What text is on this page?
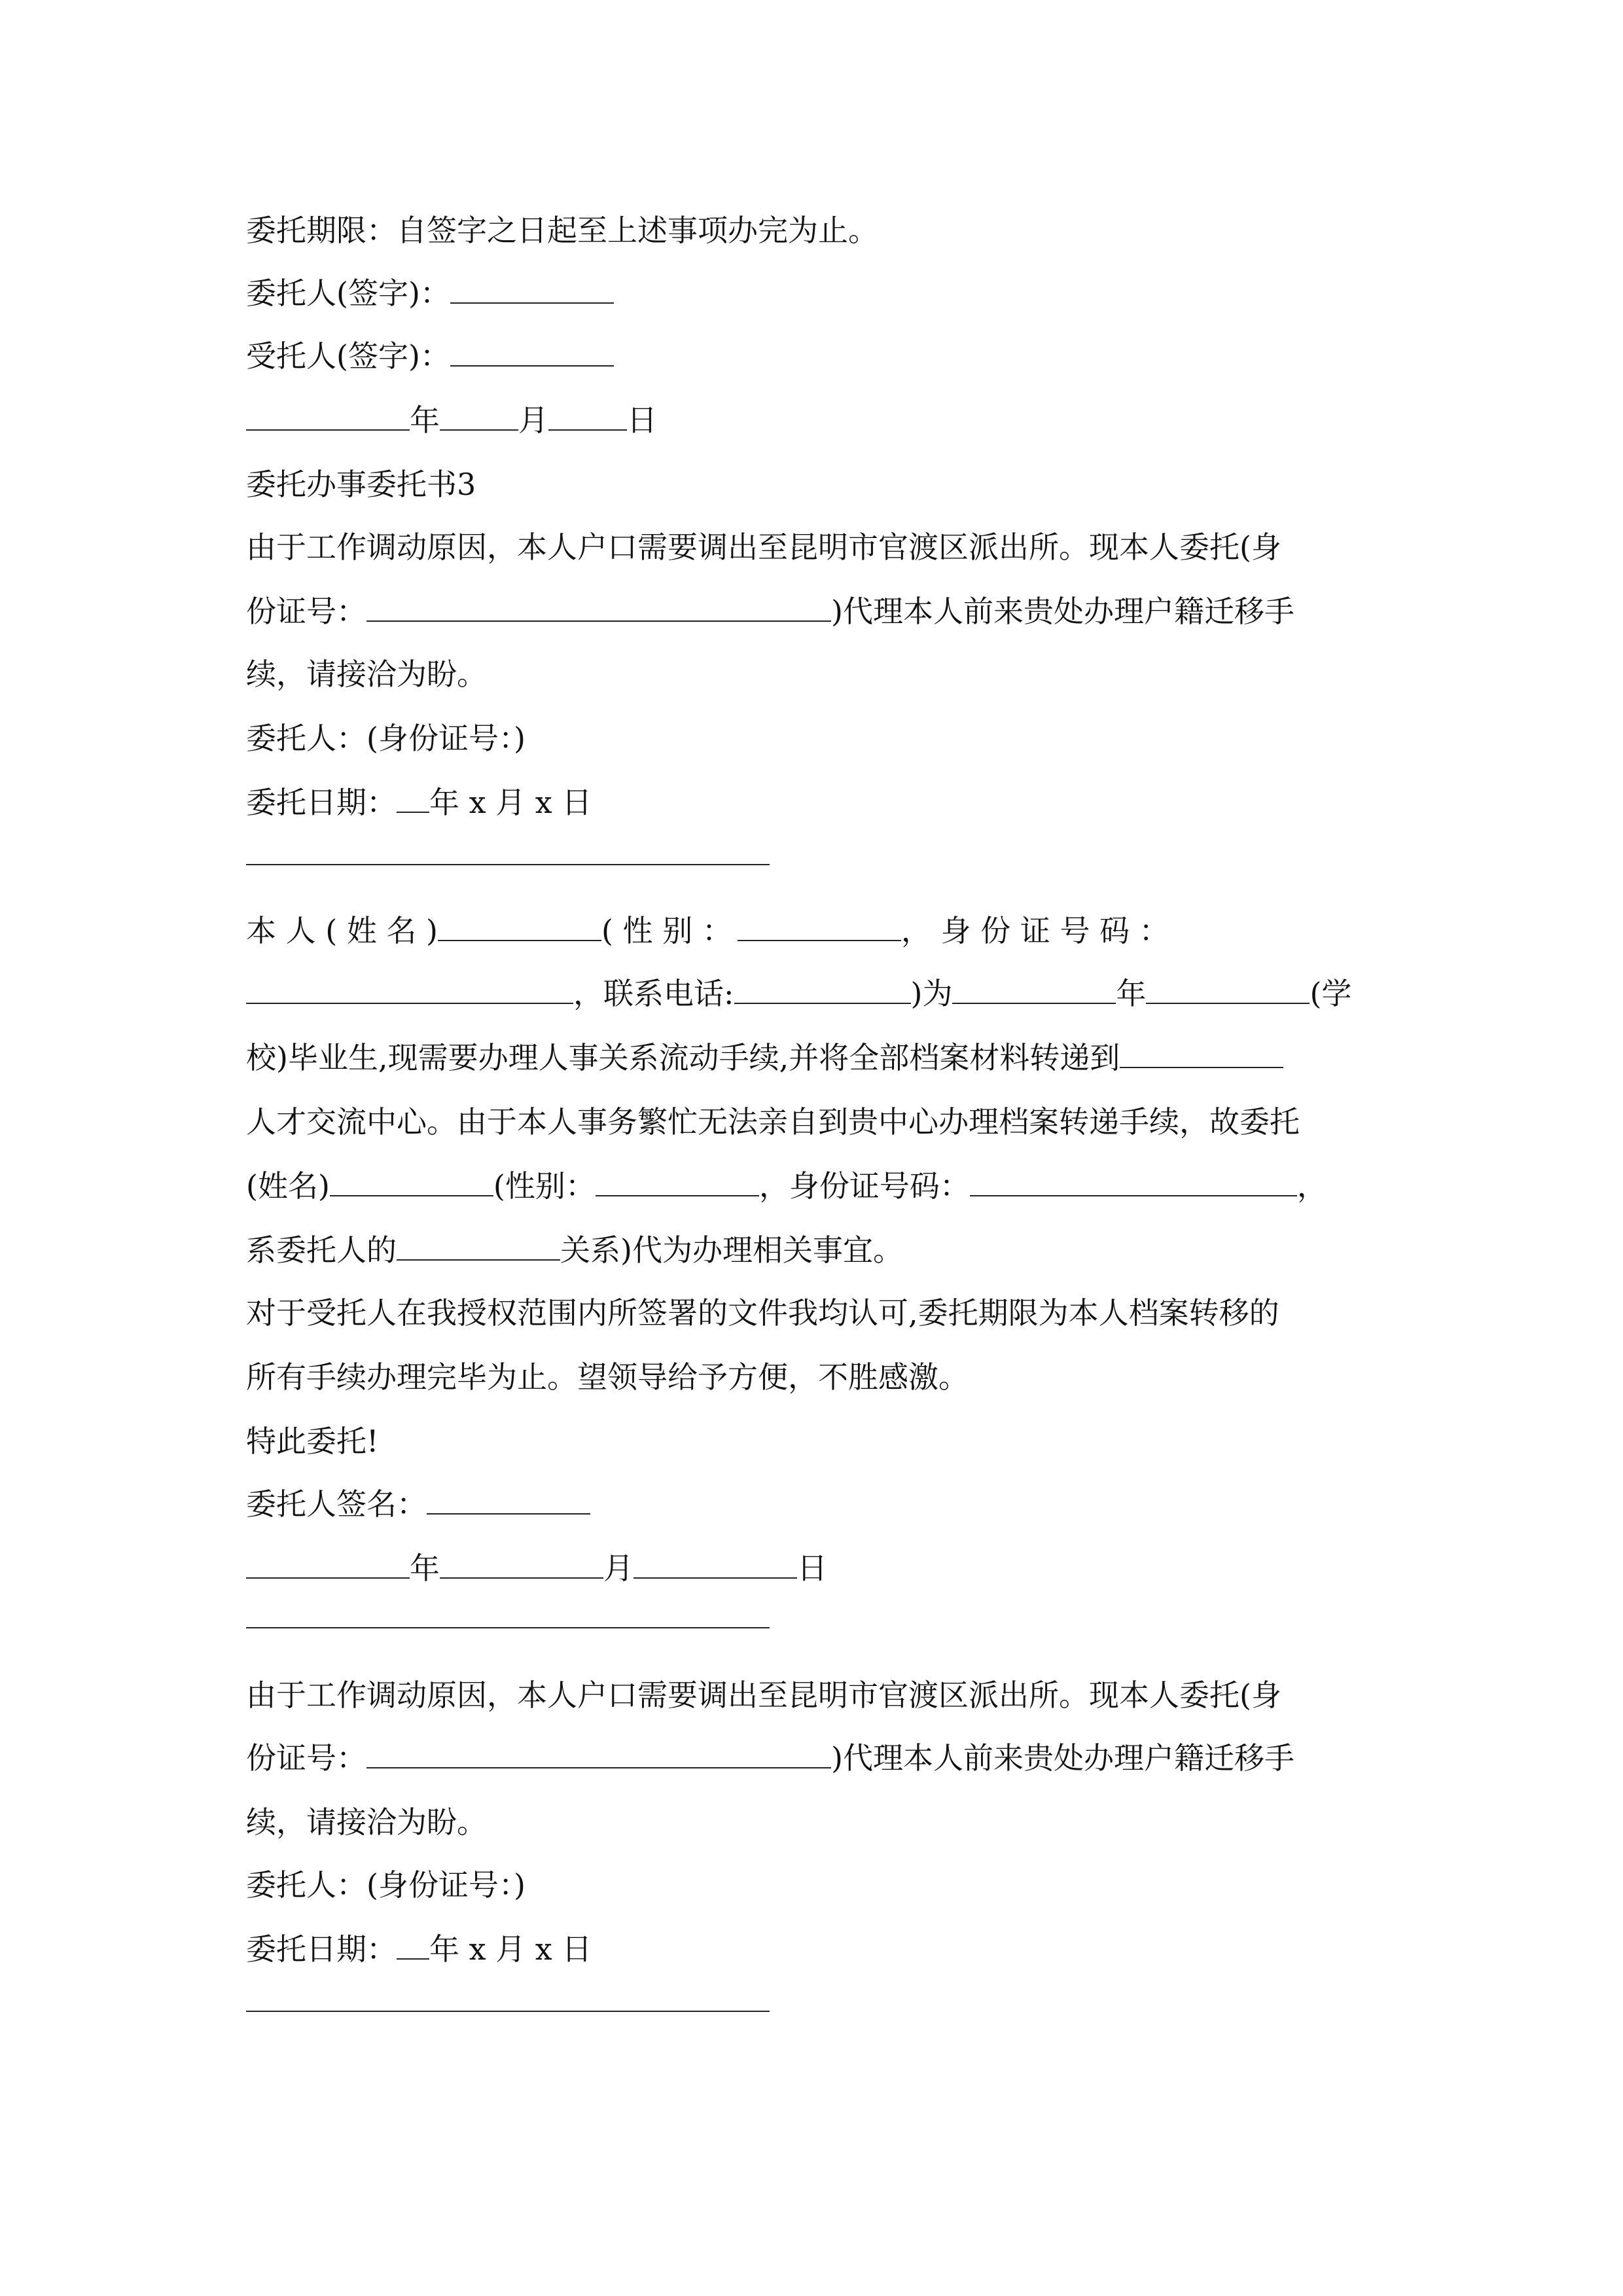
委托期限：自签字之日起至上述事项办完为止。
委托人(签字)：
受托人(签字)：
年	月	日
委托办事委托书3
由于工作调动原因，本人户口需要调出至昆明市官渡区派出所。现本人委托(身
份证号：	)代理本人前来贵处办理户籍迁移手
续，请接洽为盼。
委托人：(身份证号：)
委托日期： 年 x 月 x 日
本 人 ( 姓 名 )	( 性 别 ：	， 身 份 证 号 码 ：
，联系电话:	)为	年	(学
校)毕业生,现需要办理人事关系流动手续,并将全部档案材料转递到
人才交流中心。由于本人事务繁忙无法亲自到贵中心办理档案转递手续，故委托
(姓名)	(性别：	，身份证号码：	，
系委托人的	关系)代为办理相关事宜。
对于受托人在我授权范围内所签署的文件我均认可,委托期限为本人档案转移的
所有手续办理完毕为止。望领导给予方便，不胜感激。
特此委托!
委托人签名：
年	月	日
由于工作调动原因，本人户口需要调出至昆明市官渡区派出所。现本人委托(身
份证号：	)代理本人前来贵处办理户籍迁移手
续，请接洽为盼。
委托人：(身份证号：)
委托日期： 年 x 月 x 日
